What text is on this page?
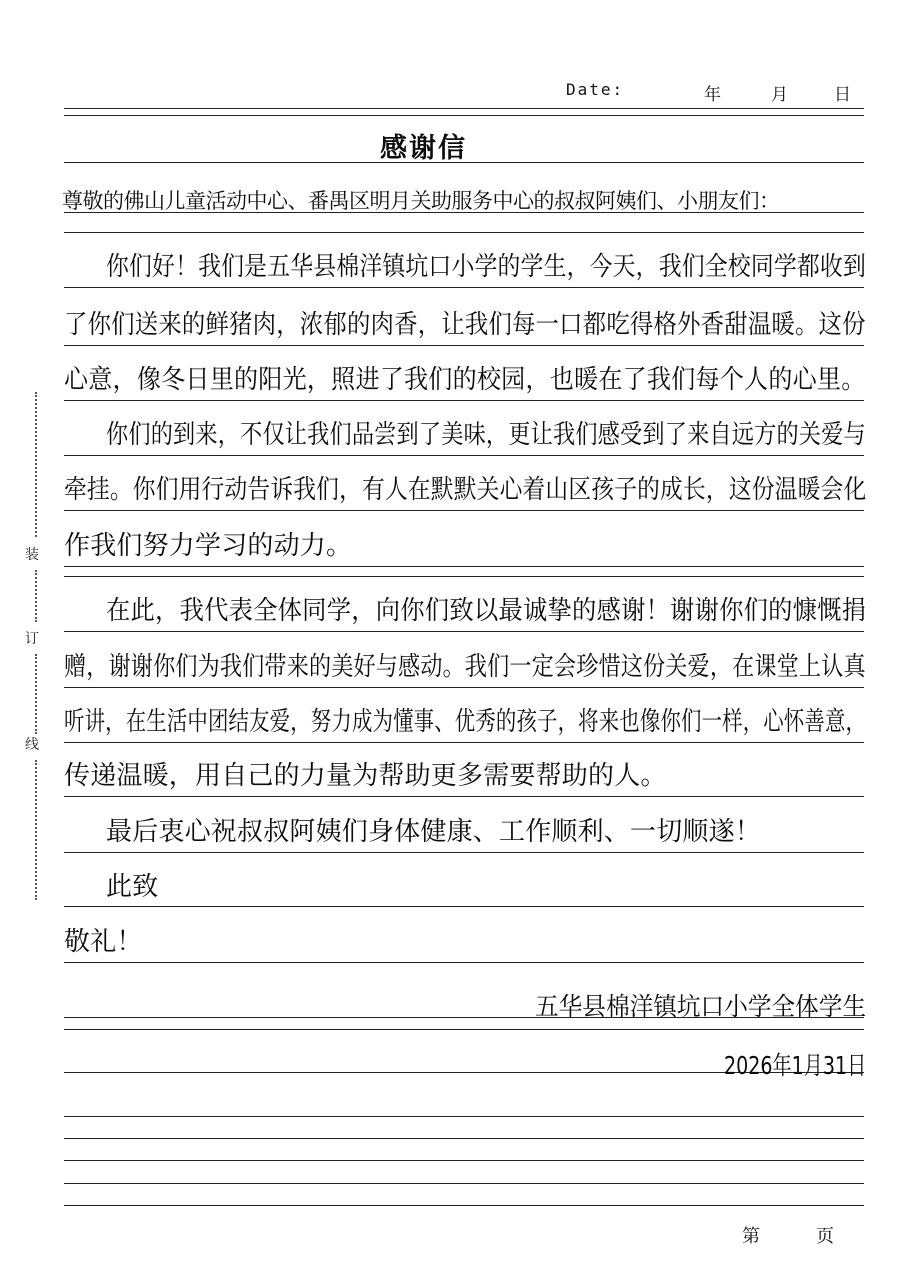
Date:	年	月	日
装
订
线
感谢信
尊敬的佛山儿童活动中心、番禺区明月关助服务中心的叔叔阿姨们、小朋友们：
你们好！我们是五华县棉洋镇坑口小学的学生，今天，我们全校同学都收到
了你们送来的鲜猪肉，浓郁的肉香，让我们每一口都吃得格外香甜温暖。这份
心意，像冬日里的阳光，照进了我们的校园，也暖在了我们每个人的心里。
你们的到来，不仅让我们品尝到了美味，更让我们感受到了来自远方的关爱与
牵挂。你们用行动告诉我们，有人在默默关心着山区孩子的成长，这份温暖会化
作我们努力学习的动力。
在此，我代表全体同学，向你们致以最诚挚的感谢！谢谢你们的慷慨捐
赠，谢谢你们为我们带来的美好与感动。我们一定会珍惜这份关爱，在课堂上认真
听讲，在生活中团结友爱，努力成为懂事、优秀的孩子，将来也像你们一样，心怀善意，
传递温暖，用自己的力量为帮助更多需要帮助的人。
最后衷心祝叔叔阿姨们身体健康、工作顺利、一切顺遂！
此致
敬礼！
五华县棉洋镇坑口小学全体学生
2026年1月31日
第	页
